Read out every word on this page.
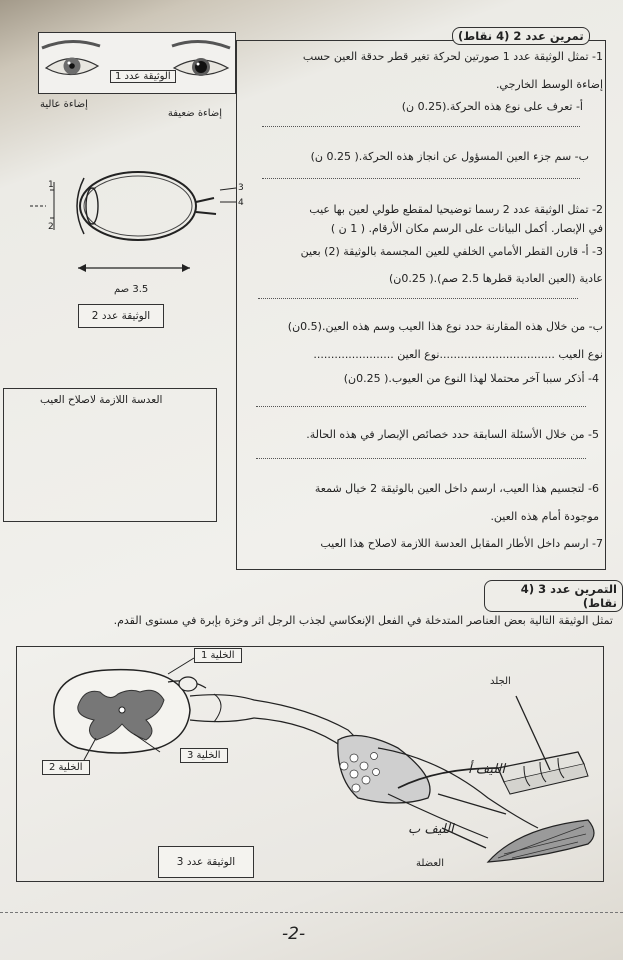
تمرين عدد 2 (4 نقاط)
1- تمثل الوثيقة عدد 1 صورتين لحركة تغير قطر حدقة العين حسب
إضاءة الوسط الخارجي.
أ- تعرف على نوع هذه الحركة.(0.25 ن)
ب- سم جزء العين المسؤول عن انجاز هذه الحركة.( 0.25 ن)
2- تمثل الوثيقة عدد 2 رسما توضيحيا لمقطع طولي لعين بها عيب
في الإبصار. أكمل البيانات على الرسم مكان الأرقام. ( 1 ن )
3- أ- قارن القطر الأمامي الخلفي للعين المجسمة بالوثيقة (2) بعين
عادية (العين العادية قطرها 2.5 صم).( 0.25ن)
ب- من خلال هذه المقارنة حدد نوع هذا العيب وسم هذه العين.(0.5ن)
نوع العيب .................................نوع العين .......................
4- أذكر سببا آخر محتملا لهذا النوع من العيوب.( 0.25ن)
5- من خلال الأسئلة السابقة حدد خصائص الإبصار في هذه الحالة.
6- لتجسيم هذا العيب، ارسم داخل العين بالوثيقة 2 خيال شمعة
موجودة أمام هذه العين.
7- ارسم داخل الأطار المقابل العدسة اللازمة لاصلاح هذا العيب
الوثيقة عدد 1
إضاءة عالية
إضاءة ضعيفة
1
2
3
4
3.5 صم
الوثيقة عدد 2
العدسة اللازمة لاصلاح العيب
التمرين عدد 3 (4 نقاط)
تمثل الوثيقة التالية بعض العناصر المتدخلة في الفعل الإنعكاسي لجذب الرجل اثر وخزة بإبرة في مستوى القدم.
الخلية 1
الخلية 3
الخلية 2
الجلد
الليف أ
الليف ب
العضلة
الوثيقة عدد 3
-2-
